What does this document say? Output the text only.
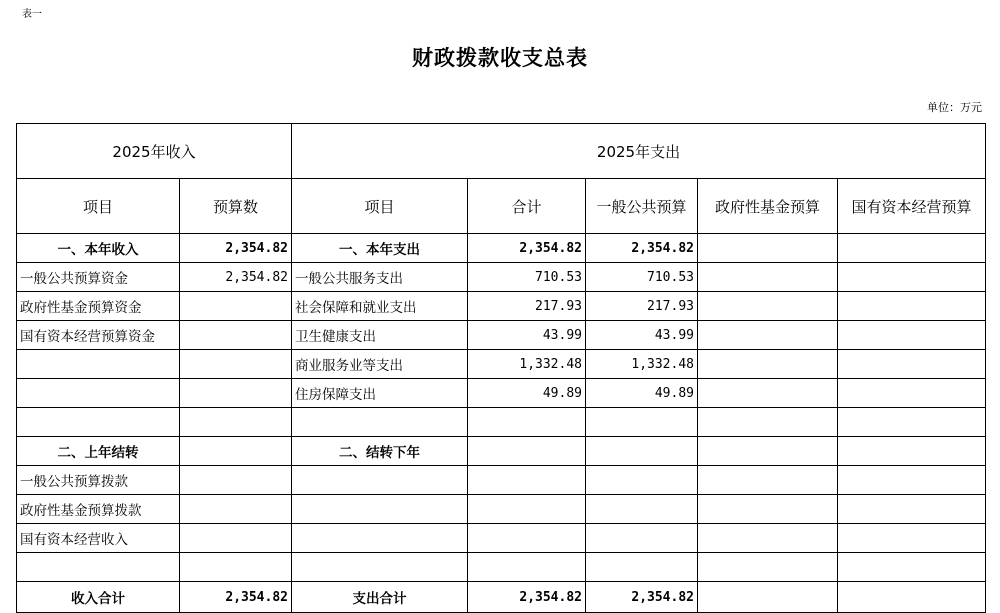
表一
财政拨款收支总表
单位：万元
2025年收入		2025年支出				
项目	预算数	项目	合计	一般公共预算	政府性基金预算	国有资本经营预算
一、本年收入	2,354.82	一、本年支出	2,354.82	2,354.82		
一般公共预算资金	2,354.82	一般公共服务支出	710.53	710.53		
政府性基金预算资金		社会保障和就业支出	217.93	217.93		
国有资本经营预算资金		卫生健康支出	43.99	43.99		
		商业服务业等支出	1,332.48	1,332.48		
		住房保障支出	49.89	49.89		

二、上年结转		二、结转下年				
一般公共预算拨款						
政府性基金预算拨款						
国有资本经营收入						

收入合计	2,354.82	支出合计	2,354.82	2,354.82		
